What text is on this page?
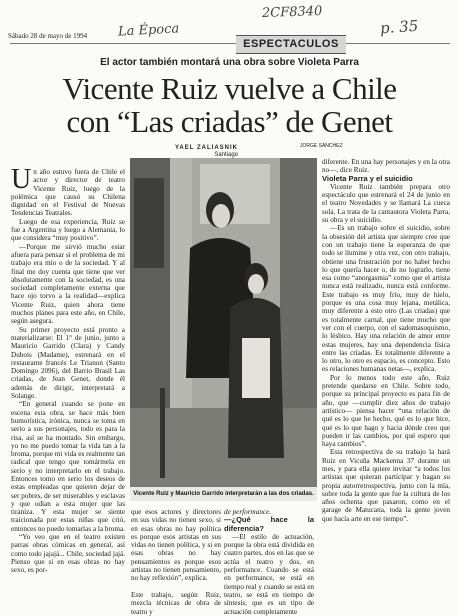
Sábado 28 de mayo de 1994 La Época
2CF8340
p. 35
ESPECTACULOS
El actor también montará una obra sobre Violeta Parra
Vicente Ruiz vuelve a Chile
con “Las criadas” de Genet
YAEL ZALIASNIK
Santiago
JORGE SÁNCHEZ

Un año estuvo fuera de Chile el actor y director de teatro Vicente Ruiz, luego de la polémica que causó su Chilena dignidad en el Festival de Nuevas Tendencias Teatrales.

Luego de esa experiencia, Ruiz se fue a Argentina y luego a Alemania, lo que considera “muy positivo”.

—Porque me sirvió mucho estar afuera para pensar si el problema de mi trabajo era mío o de la sociedad. Y al final me doy cuenta que tiene que ver absolutamente con la sociedad, es una sociedad completamente externa que hace ojo torvo a la realidad—explica Vicente Ruiz, quien ahora tiene muchos planes para este año, en Chile, según asegura.

Su primer proyecto está pronto a materializarse: El 1° de junio, junto a Mauricio Garrido (Clara) y Candy Dubois (Madame), estrenará en el restaurante francés Le Trianon (Santo Domingo 2096), del Barrio Brasil Las criadas, de Jean Genet, donde él además de dirigir, interpretará a Solange.

“En general cuando se pone en escena esta obra, se hace más bien humorística, irónica, nunca se toma en serio a sus personajes, todo es para la risa, así se ha montado. Sin embargo, yo no me puedo tomar la vida tan a la broma, porque mi vida es realmente tan radical que tengo que tomármela en serio y no interpretarlo en el trabajo. Entonces tomo en serio los deseos de estas empleadas que quieren dejar de ser pobres, de ser miserables y esclavas y que odian a esta mujer que las tiraniza. Y esta mujer se siente traicionada por estas niñas que crió, entonces no puedo tomarlas a la broma.

“Yo veo que en el teatro existen parras obras cómicas en general, así como todo jajajá... Chile, sociedad jajá. Pienso que si en esas obras no hay sexo, es por-

Vicente Ruiz y Mauricio Garrido interpretarán a las dos criadas.

que esos actores y directores en sus vidas no tienen sexo, si en esas obras no hay política es porque esos artistas en sus vidas no tienen política, y si en esas obras no hay pensamientos es porque esos artistas no tienen pensamiento, no hay reflexión”, explica.

Este trabajo, según Ruiz, mezcla técnicas de obra de teatro y

de performance.

—¿Qué hace la diferencia?

—El estilo de actuación, porque la obra está dividida en cuatro partes, dos en las que se actúa el teatro y dos, en performance. Cuando se está en performance, se está en tiempo real y cuando se está en teatro, se está en tiempo de síntesis, que es un tipo de actuación completamente

diferente. En una hay personajes y en la otra no—, dice Ruiz.

Violeta Parra y el suicidio

Vicente Ruiz también prepara otro espectáculo que estrenará el 24 de junio en el teatro Novedades y se llamará La cueca sola. La trata de la cantautora Violeta Parra, su obra y el suicidio.

—Es un trabajo sobre el suicidio, sobre la obsesión del artista que siempre cree que con un trabajo tiene la esperanza de que todo se ilumine y otra vez, con otro trabajo, obtiene una frustración por no haber hecho lo que quería hacer o, de no lograrlo, tiene esa como “anorgasmia” como que el artista nunca está realizado, nunca está conforme. Este trabajo es muy frío, muy de hielo, porque es una cosa muy lejana, metálica, muy diferente a esto otro (Las criadas) que es totalmente carnal, que tiene mucho que ver con el cuerpo, con el sadomasoquismo, lo lésbico. Hay una relación de amor entre estas mujeres, hay una dependencia física entre las criadas. Es totalmente diferente a lo otro, lo otro es espacio, es concepto. Esto es relaciones humanas netas—, explica.

Por lo menos todo este año, Ruiz pretende quedarse en Chile. Sobre todo, porque su principal proyecto es para fin de año, que —cumplir diez años de trabajo artístico— piensa hacer “una relación de qué es lo que he hecho, qué es lo que hice, qué es lo que hago y hacia dónde creo que pueden ir las cambios, por qué espero que haya cambios”.

Esta retrospectiva de su trabajo la hará Ruiz en Vicuña Mackenna 37 durante un mes, y para ella quiere invitar “a todos los artistas que quieran participar y hagan su propia autorretrospectiva, junto con la mía, sobre toda la gente que fue la cultura de los años ochenta que pasaron, como en el garage de Matucana, toda la gente joven que hacía arte en ese tiempo”.
